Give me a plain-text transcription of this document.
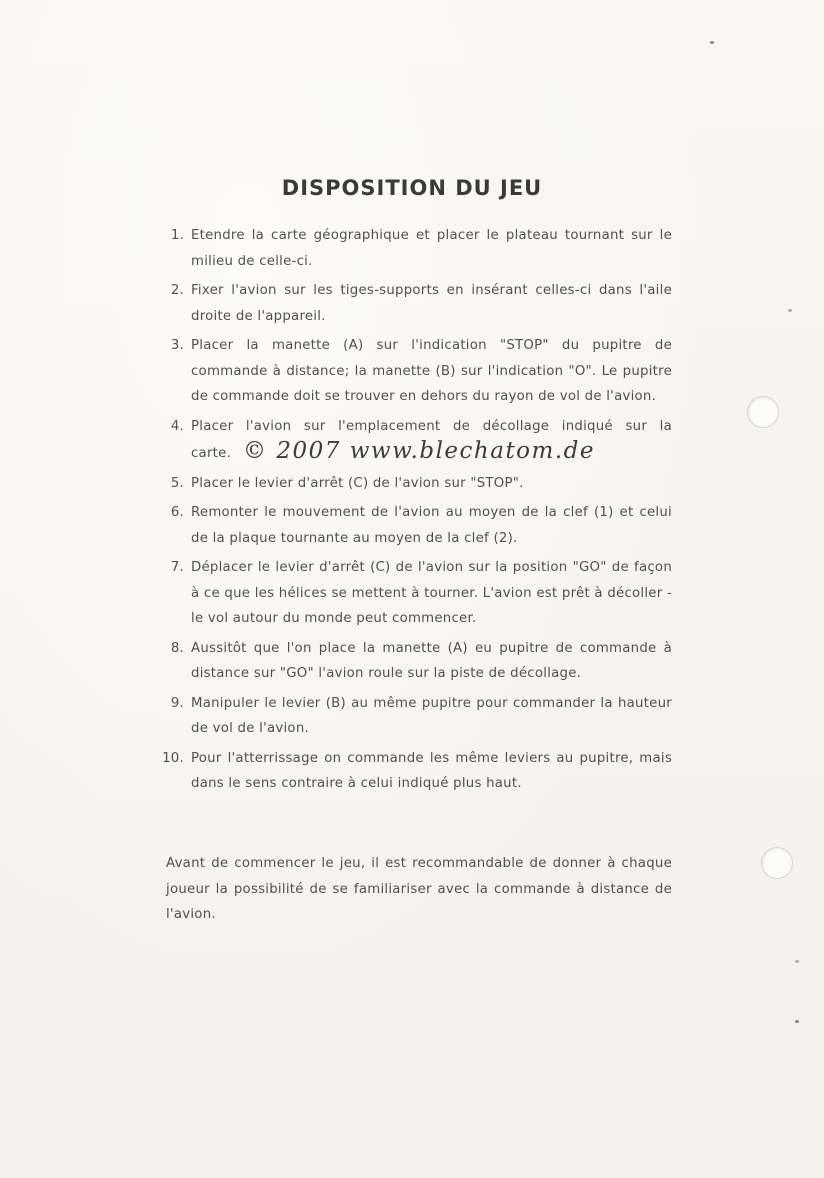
DISPOSITION DU JEU
1. Etendre la carte géographique et placer le plateau tournant sur le milieu de celle-ci.
2. Fixer l'avion sur les tiges-supports en insérant celles-ci dans l'aile droite de l'appareil.
3. Placer la manette (A) sur l'indication "STOP" du pupitre de commande à distance; la manette (B) sur l'indication "O". Le pupitre de commande doit se trouver en dehors du rayon de vol de l'avion.
4. Placer l'avion sur l'emplacement de décollage indiqué sur la carte. © 2007 www.blechatom.de
5. Placer le levier d'arrêt (C) de l'avion sur "STOP".
6. Remonter le mouvement de l'avion au moyen de la clef (1) et celui de la plaque tournante au moyen de la clef (2).
7. Déplacer le levier d'arrêt (C) de l'avion sur la position "GO" de façon à ce que les hélices se mettent à tourner. L'avion est prêt à décoller - le vol autour du monde peut commencer.
8. Aussitôt que l'on place la manette (A) eu pupitre de commande à distance sur "GO" l'avion roule sur la piste de décollage.
9. Manipuler le levier (B) au même pupitre pour commander la hauteur de vol de l'avion.
10. Pour l'atterrissage on commande les même leviers au pupitre, mais dans le sens contraire à celui indiqué plus haut.

Avant de commencer le jeu, il est recommandable de donner à chaque joueur la possibilité de se familiariser avec la commande à distance de l'avion.
